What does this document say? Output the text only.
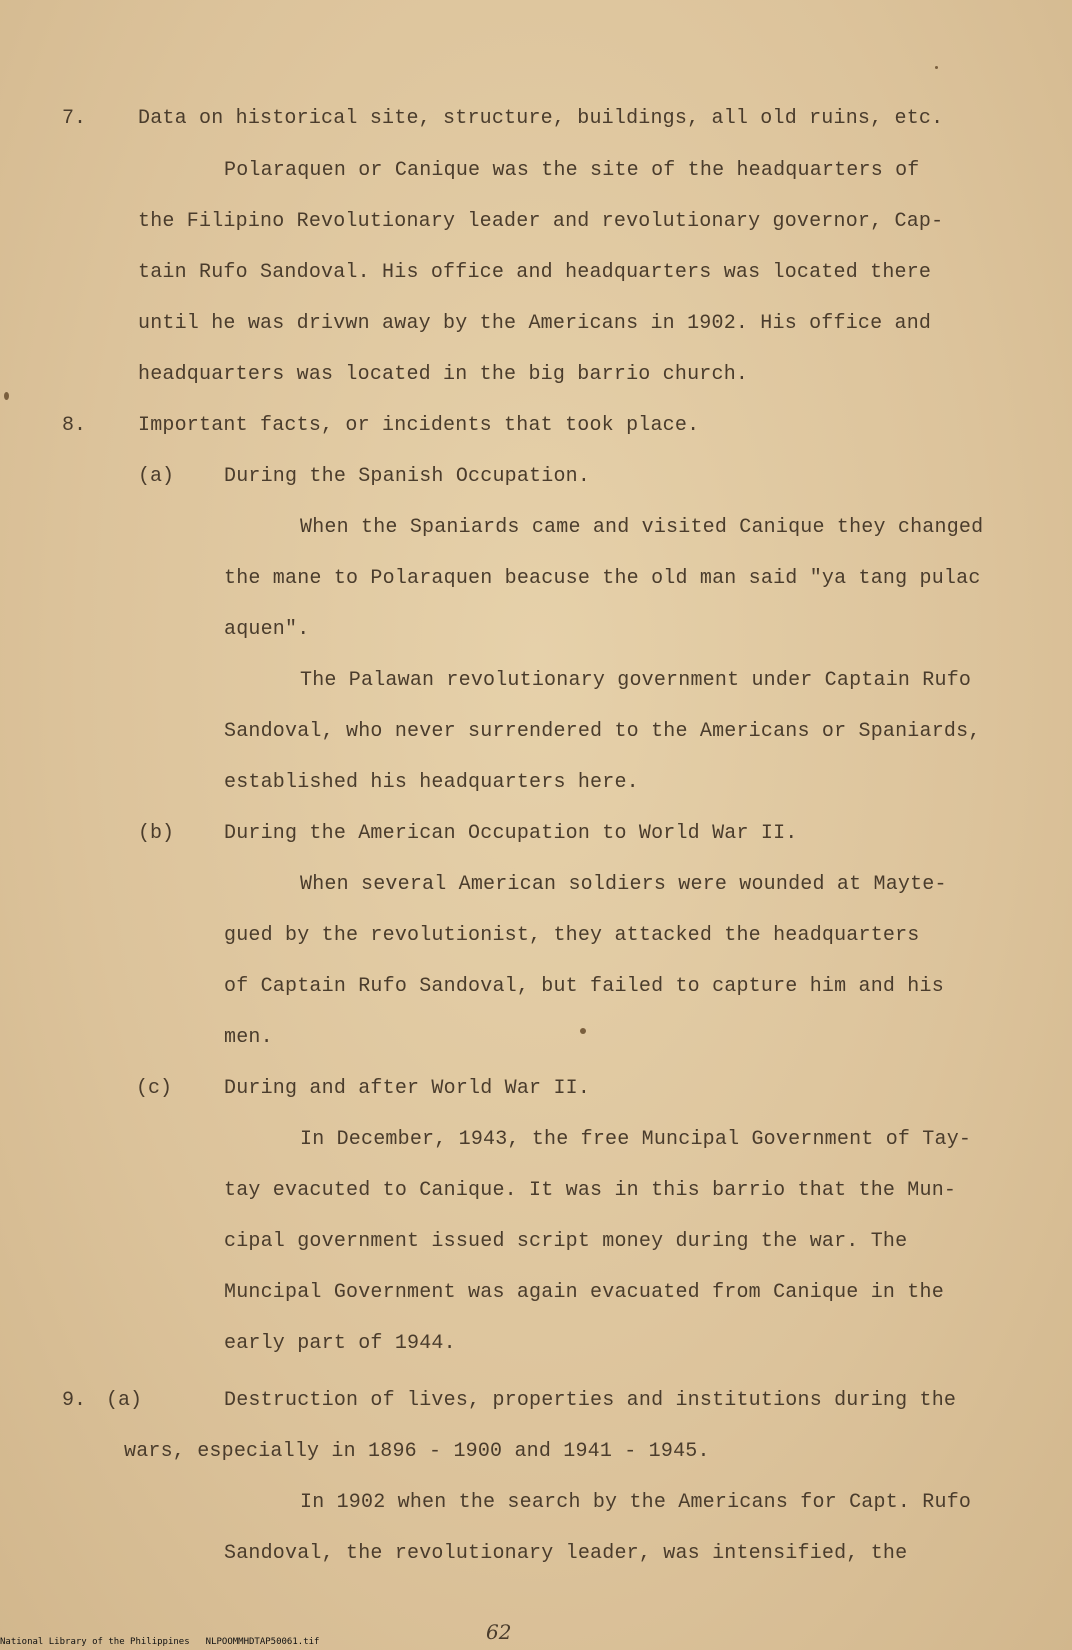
7.	Data on historical site, structure, buildings, all old ruins, etc.
Polaraquen or Canique was the site of the headquarters of
the Filipino Revolutionary leader and revolutionary governor, Cap-
tain Rufo Sandoval. His office and headquarters was located there
until he was drivwn away by the Americans in 1902. His office and
headquarters was located in the big barrio church.
8.	Important facts, or incidents that took place.
(a) During the Spanish Occupation.
When the Spaniards came and visited Canique they changed
the mane to Polaraquen beacuse the old man said "ya tang pulac
aquen".
The Palawan revolutionary government under Captain Rufo
Sandoval, who never surrendered to the Americans or Spaniards,
established his headquarters here.
(b) During the American Occupation to World War II.
When several American soldiers were wounded at Mayte-
gued by the revolutionist, they attacked the headquarters
of Captain Rufo Sandoval, but failed to capture him and his
men.
(c)	During and after World War II.
In December, 1943, the free Muncipal Government of Tay-
tay evacuted to Canique. It was in this barrio that the Mun-
cipal government issued script money during the war. The
Muncipal Government was again evacuated from Canique in the
early part of 1944.
9. (a)	Destruction of lives, properties and institutions during the
wars, especially in 1896 - 1900 and 1941 - 1945.
In 1902 when the search by the Americans for Capt. Rufo
Sandoval, the revolutionary leader, was intensified, the
62
National Library of the Philippines NLPOOMMHDTAP50061.tif
